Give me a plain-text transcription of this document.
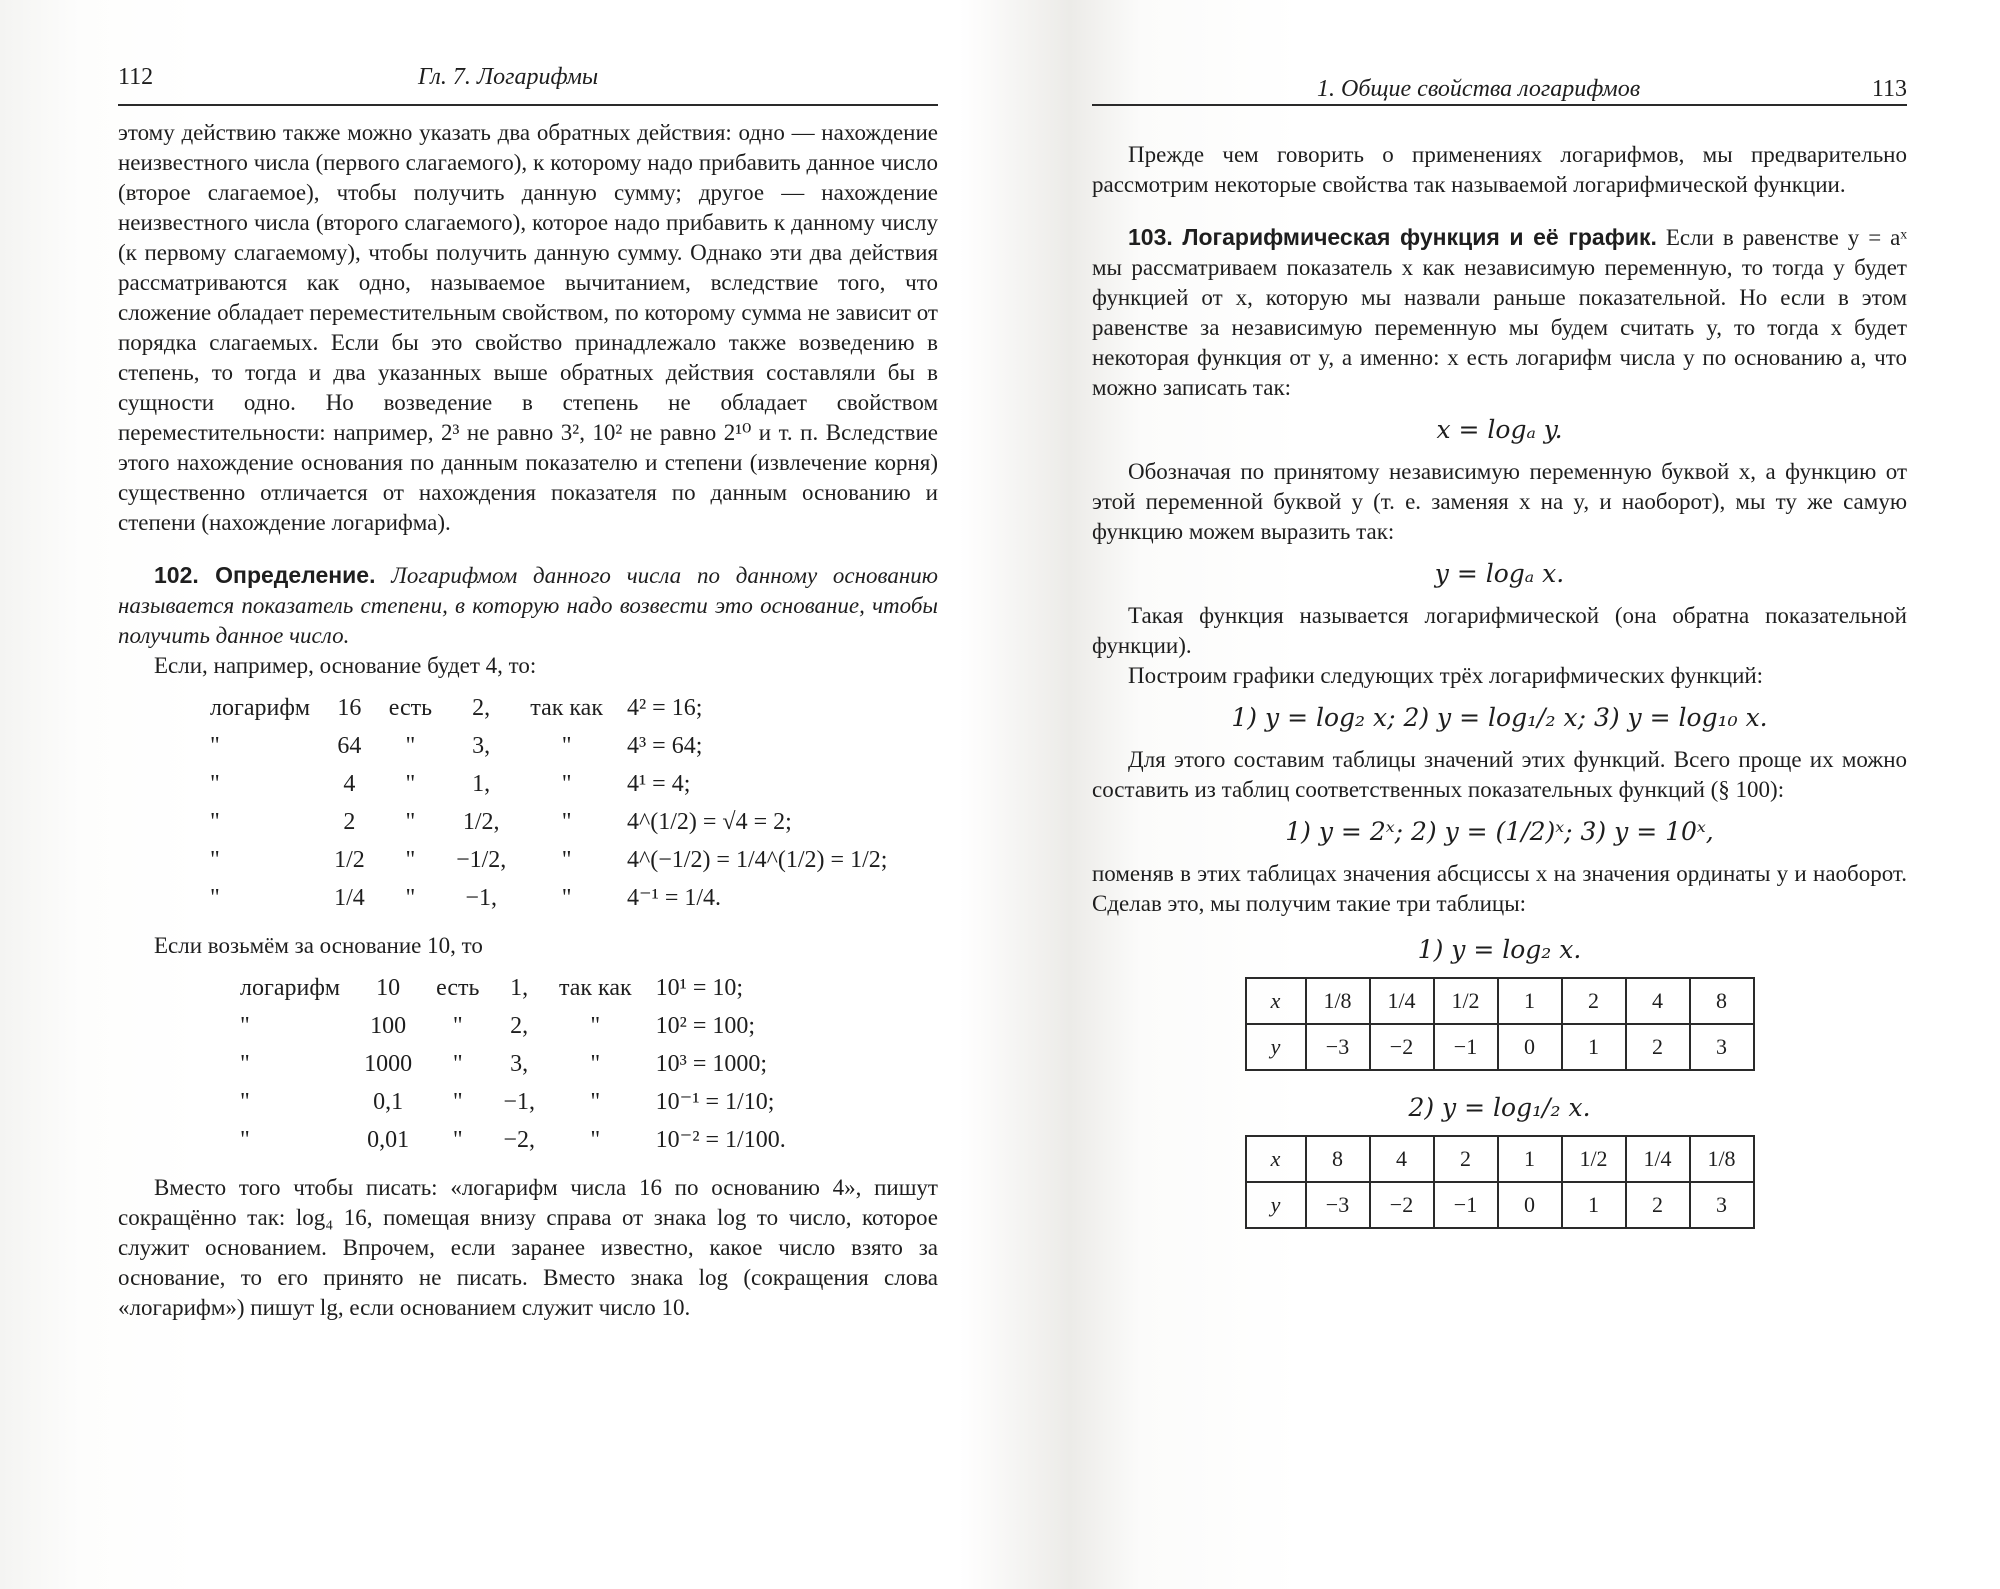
112	Гл. 7. Логарифмы

этому действию также можно указать два обратных действия: одно — нахождение неизвестного числа (первого слагаемого), к которому надо прибавить данное число (второе слагаемое), чтобы получить данную сумму; другое — нахождение неизвестного числа (второго слагаемого), которое надо прибавить к данному числу (к первому слагаемому), чтобы получить данную сумму. Однако эти два действия рассматриваются как одно, называемое вычитанием, вследствие того, что сложение обладает переместительным свойством, по которому сумма не зависит от порядка слагаемых. Если бы это свойство принадлежало также возведению в степень, то тогда и два указанных выше обратных действия составляли бы в сущности одно. Но возведение в степень не обладает свойством переместительности: например, 2³ не равно 3², 10² не равно 2¹⁰ и т. п. Вследствие этого нахождение основания по данным показателю и степени (извлечение корня) существенно отличается от нахождения показателя по данным основанию и степени (нахождение логарифма).

102. Определение. Логарифмом данного числа по данному основанию называется показатель степени, в которую надо возвести это основание, чтобы получить данное число.

Если, например, основание будет 4, то:

логарифм	16	есть	2,	так как	4² = 16;
"	64	"	3,	"	4³ = 64;
"	4	"	1,	"	4¹ = 4;
"	2	"	1/2,	"	4^(1/2) = √4 = 2;
"	1/2	"	−1/2,	"	4^(−1/2) = 1/4^(1/2) = 1/2;
"	1/4	"	−1,	"	4⁻¹ = 1/4.

Если возьмём за основание 10, то

логарифм	10	есть	1,	так как	10¹ = 10;
"	100	"	2,	"	10² = 100;
"	1000	"	3,	"	10³ = 1000;
"	0,1	"	−1,	"	10⁻¹ = 1/10;
"	0,01	"	−2,	"	10⁻² = 1/100.

Вместо того чтобы писать: «логарифм числа 16 по основанию 4», пишут сокращённо так: log₄ 16, помещая внизу справа от знака log то число, которое служит основанием. Впрочем, если заранее известно, какое число взято за основание, то его принято не писать. Вместо знака log (сокращения слова «логарифм») пишут lg, если основанием служит число 10.

1. Общие свойства логарифмов	113

Прежде чем говорить о применениях логарифмов, мы предварительно рассмотрим некоторые свойства так называемой логарифмической функции.

103. Логарифмическая функция и её график. Если в равенстве y = aˣ мы рассматриваем показатель x как независимую переменную, то тогда y будет функцией от x, которую мы назвали раньше показательной. Но если в этом равенстве за независимую переменную мы будем считать y, то тогда x будет некоторая функция от y, а именно: x есть логарифм числа y по основанию a, что можно записать так:

x = logₐ y.

Обозначая по принятому независимую переменную буквой x, а функцию от этой переменной буквой y (т. е. заменяя x на y, и наоборот), мы ту же самую функцию можем выразить так:

y = logₐ x.

Такая функция называется логарифмической (она обратна показательной функции).

Построим графики следующих трёх логарифмических функций:

1) y = log₂ x; 2) y = log₁/₂ x; 3) y = log₁₀ x.

Для этого составим таблицы значений этих функций. Всего проще их можно составить из таблиц соответственных показательных функций (§ 100):

1) y = 2ˣ; 2) y = (1/2)ˣ; 3) y = 10ˣ,

поменяв в этих таблицах значения абсциссы x на значения ординаты y и наоборот. Сделав это, мы получим такие три таблицы:

1) y = log₂ x.
x	1/8	1/4	1/2	1	2	4	8
y	−3	−2	−1	0	1	2	3
2) y = log₁/₂ x.
x	8	4	2	1	1/2	1/4	1/8
y	−3	−2	−1	0	1	2	3
